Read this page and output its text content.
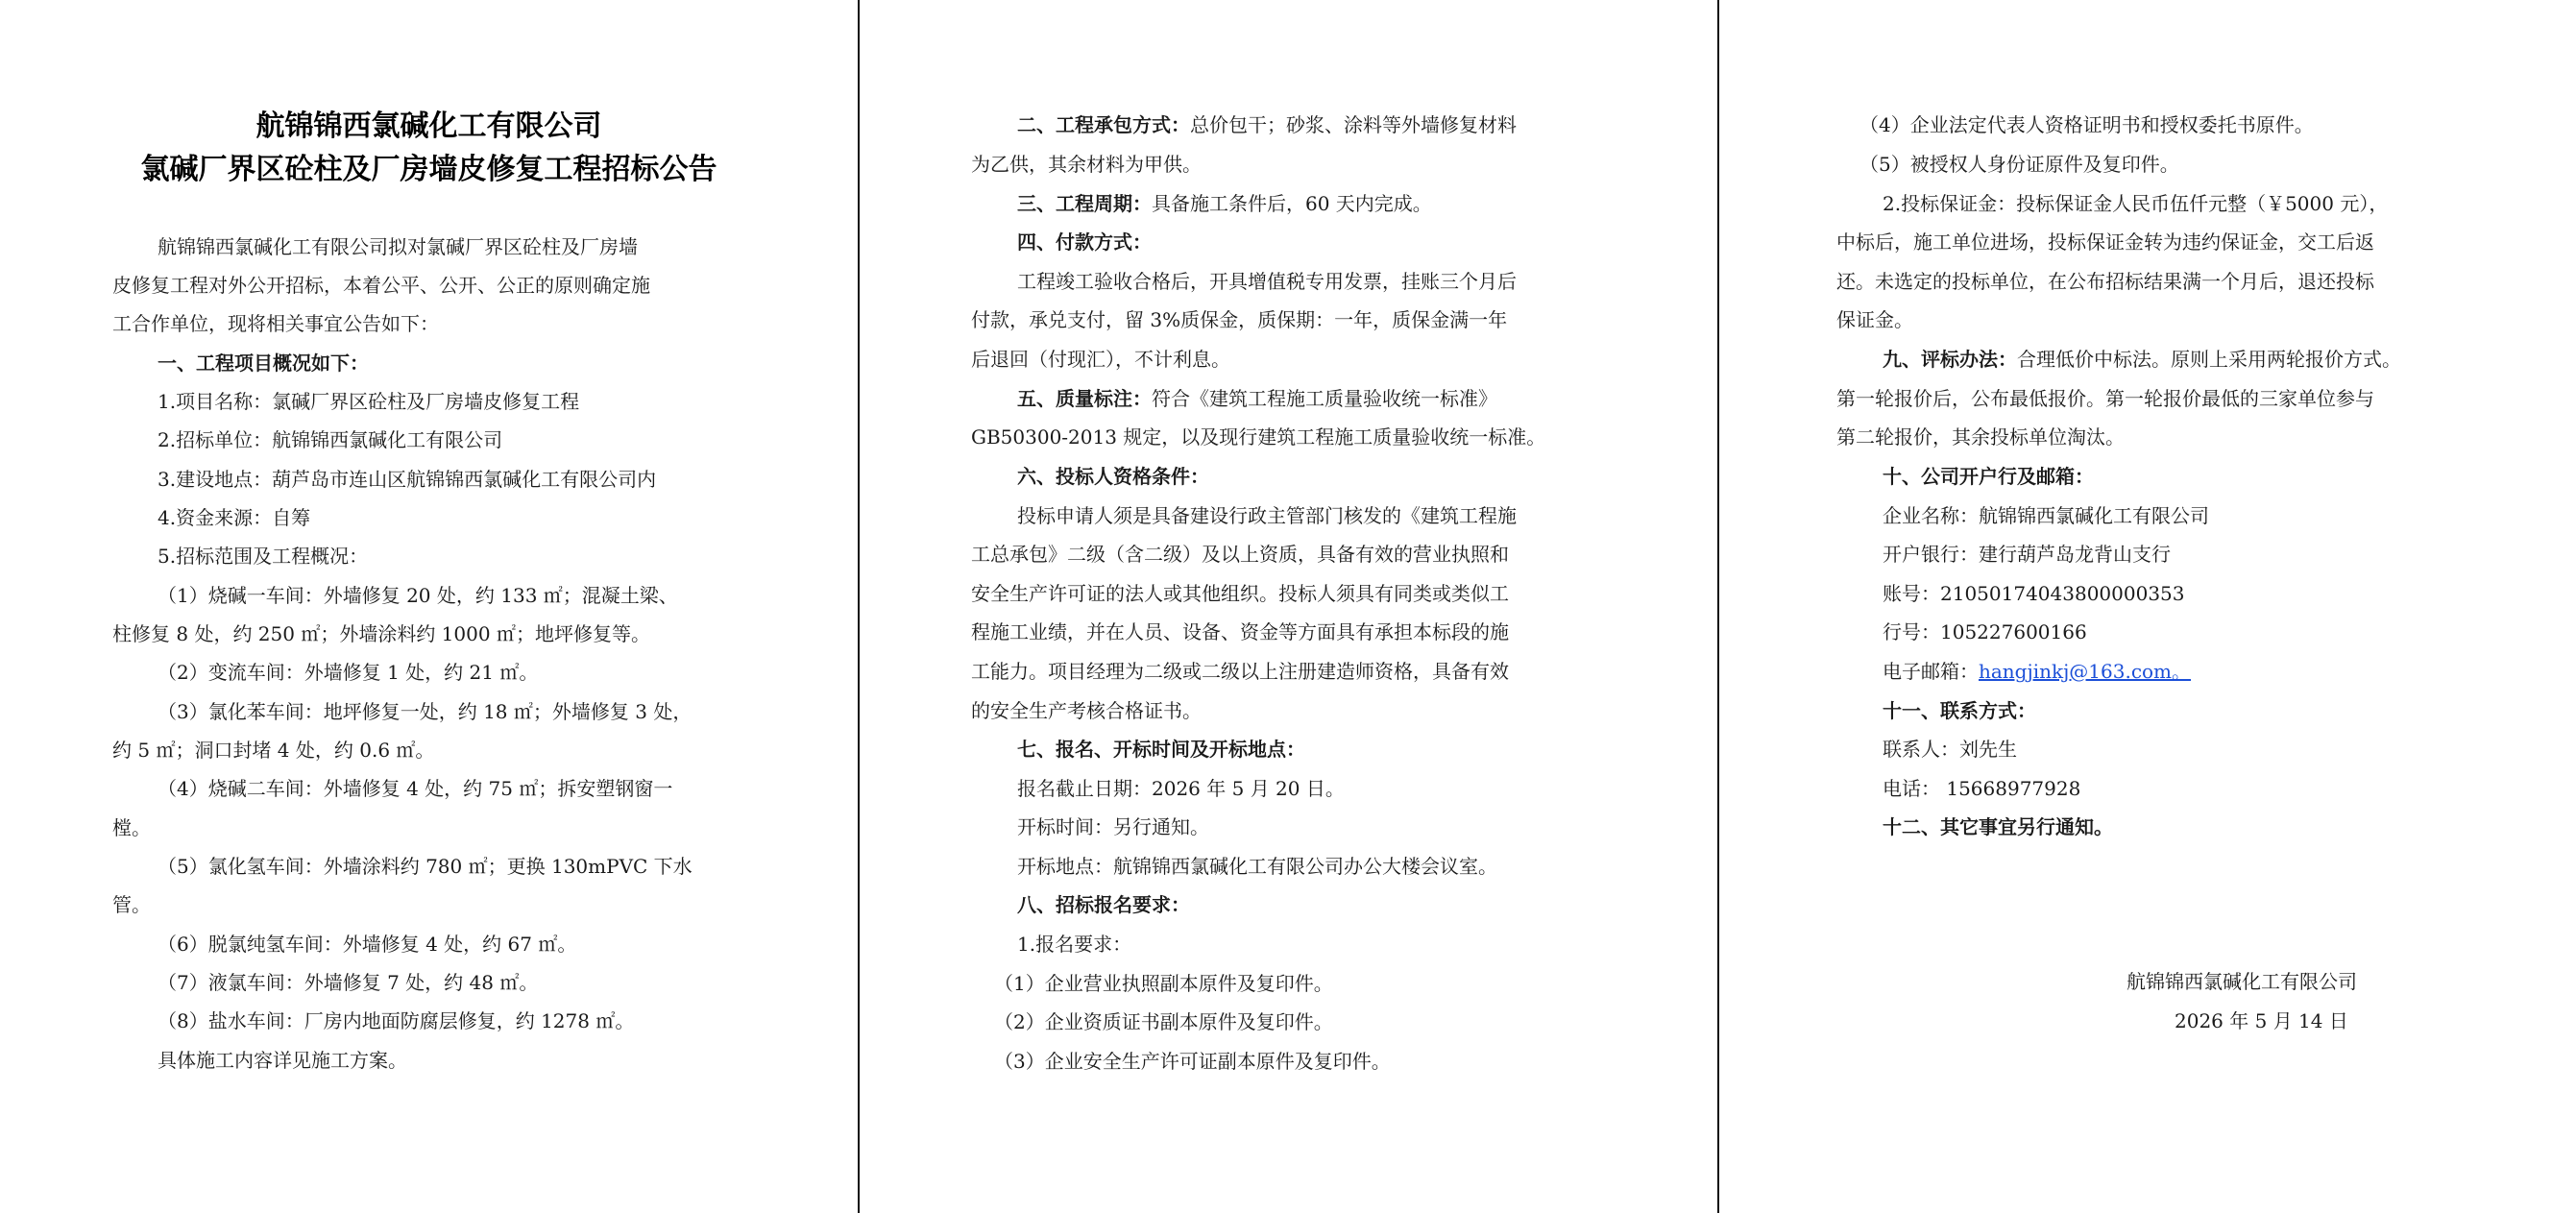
航锦锦西氯碱化工有限公司
氯碱厂界区砼柱及厂房墙皮修复工程招标公告
航锦锦西氯碱化工有限公司拟对氯碱厂界区砼柱及厂房墙
皮修复工程对外公开招标，本着公平、公开、公正的原则确定施
工合作单位，现将相关事宜公告如下：
一、工程项目概况如下：
1.项目名称：氯碱厂界区砼柱及厂房墙皮修复工程
2.招标单位：航锦锦西氯碱化工有限公司
3.建设地点：葫芦岛市连山区航锦锦西氯碱化工有限公司内
4.资金来源：自筹
5.招标范围及工程概况：
（1）烧碱一车间：外墙修复 20 处，约 133 ㎡；混凝土梁、
柱修复 8 处，约 250 ㎡；外墙涂料约 1000 ㎡；地坪修复等。
（2）变流车间：外墙修复 1 处，约 21 ㎡。
（3）氯化苯车间：地坪修复一处，约 18 ㎡；外墙修复 3 处，
约 5 ㎡；洞口封堵 4 处，约 0.6 ㎡。
（4）烧碱二车间：外墙修复 4 处，约 75 ㎡；拆安塑钢窗一
樘。
（5）氯化氢车间：外墙涂料约 780 ㎡；更换 130mPVC 下水
管。
（6）脱氯纯氢车间：外墙修复 4 处，约 67 ㎡。
（7）液氯车间：外墙修复 7 处，约 48 ㎡。
（8）盐水车间：厂房内地面防腐层修复，约 1278 ㎡。
具体施工内容详见施工方案。
二、工程承包方式：总价包干；砂浆、涂料等外墙修复材料
为乙供，其余材料为甲供。
三、工程周期：具备施工条件后，60 天内完成。
四、付款方式：
工程竣工验收合格后，开具增值税专用发票，挂账三个月后
付款，承兑支付，留 3%质保金，质保期：一年，质保金满一年
后退回（付现汇），不计利息。
五、质量标注：符合《建筑工程施工质量验收统一标准》
GB50300-2013 规定，以及现行建筑工程施工质量验收统一标准。
六、投标人资格条件：
投标申请人须是具备建设行政主管部门核发的《建筑工程施
工总承包》二级（含二级）及以上资质，具备有效的营业执照和
安全生产许可证的法人或其他组织。投标人须具有同类或类似工
程施工业绩，并在人员、设备、资金等方面具有承担本标段的施
工能力。项目经理为二级或二级以上注册建造师资格，具备有效
的安全生产考核合格证书。
七、报名、开标时间及开标地点：
报名截止日期：2026 年 5 月 20 日。
开标时间：另行通知。
开标地点：航锦锦西氯碱化工有限公司办公大楼会议室。
八、招标报名要求：
1.报名要求：
（1）企业营业执照副本原件及复印件。
（2）企业资质证书副本原件及复印件。
（3）企业安全生产许可证副本原件及复印件。
（4）企业法定代表人资格证明书和授权委托书原件。
（5）被授权人身份证原件及复印件。
2.投标保证金：投标保证金人民币伍仟元整（￥5000 元），
中标后，施工单位进场，投标保证金转为违约保证金，交工后返
还。未选定的投标单位，在公布招标结果满一个月后，退还投标
保证金。
九、评标办法：合理低价中标法。原则上采用两轮报价方式。
第一轮报价后，公布最低报价。第一轮报价最低的三家单位参与
第二轮报价，其余投标单位淘汰。
十、公司开户行及邮箱：
企业名称：航锦锦西氯碱化工有限公司
开户银行：建行葫芦岛龙背山支行
账号：21050174043800000353
行号：105227600166
电子邮箱：hangjinkj@163.com。
十一、联系方式：
联系人：刘先生
电话： 15668977928
十二、其它事宜另行通知。
航锦锦西氯碱化工有限公司
2026 年 5 月 14 日
